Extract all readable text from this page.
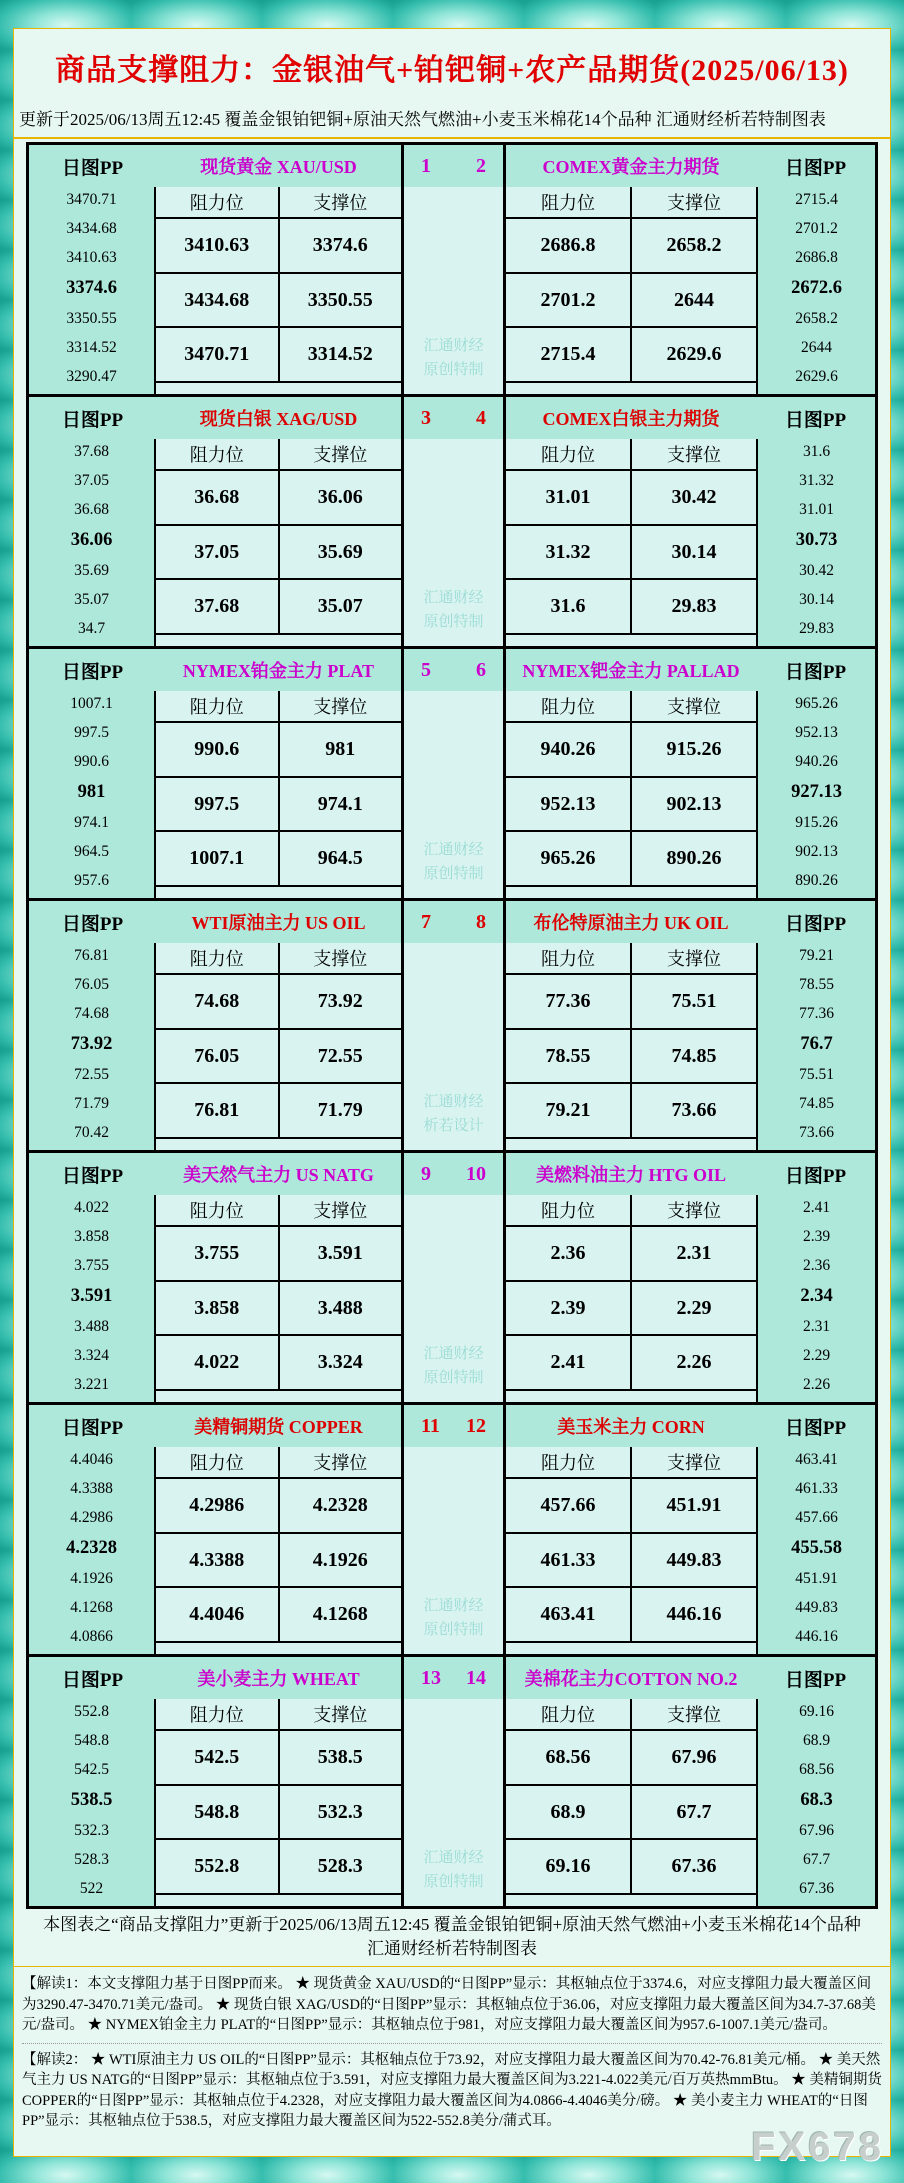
商品支撑阻力：金银油气+铂钯铜+农产品期货(2025/06/13)
更新于2025/06/13周五12:45 覆盖金银铂钯铜+原油天然气燃油+小麦玉米棉花14个品种 汇通财经析若特制图表
日图PP	现货黄金 XAU/USD	1 2	COMEX黄金主力期货	日图PP
3470.71
3434.68
3410.63
3374.6
3350.55
3314.52
3290.47
阻力位	支撑位
3410.63	3374.6
3434.68	3350.55
3470.71	3314.52	汇通财经
原创特制
阻力位	支撑位
2686.8	2658.2
2701.2	2644
2715.4	2629.6
2715.4
2701.2
2686.8
2672.6
2658.2
2644
2629.6
日图PP	现货白银 XAG/USD	3 4	COMEX白银主力期货	日图PP
37.68
37.05
36.68
36.06
35.69
35.07
34.7
阻力位	支撑位
36.68	36.06
37.05	35.69
37.68	35.07	汇通财经
原创特制
阻力位	支撑位
31.01	30.42
31.32	30.14
31.6	29.83
31.6
31.32
31.01
30.73
30.42
30.14
29.83
日图PP	NYMEX铂金主力 PLAT	5 6	NYMEX钯金主力 PALLAD	日图PP
1007.1
997.5
990.6
981
974.1
964.5
957.6
阻力位	支撑位
990.6	981
997.5	974.1
1007.1	964.5	汇通财经
原创特制
阻力位	支撑位
940.26	915.26
952.13	902.13
965.26	890.26
965.26
952.13
940.26
927.13
915.26
902.13
890.26
日图PP	WTI原油主力 US OIL	7 8	布伦特原油主力 UK OIL	日图PP
76.81
76.05
74.68
73.92
72.55
71.79
70.42
阻力位	支撑位
74.68	73.92
76.05	72.55
76.81	71.79	汇通财经
析若设计
阻力位	支撑位
77.36	75.51
78.55	74.85
79.21	73.66
79.21
78.55
77.36
76.7
75.51
74.85
73.66
日图PP	美天然气主力 US NATG	9 10	美燃料油主力 HTG OIL	日图PP
4.022
3.858
3.755
3.591
3.488
3.324
3.221
阻力位	支撑位
3.755	3.591
3.858	3.488
4.022	3.324	汇通财经
原创特制
阻力位	支撑位
2.36	2.31
2.39	2.29
2.41	2.26
2.41
2.39
2.36
2.34
2.31
2.29
2.26
日图PP	美精铜期货 COPPER	11 12	美玉米主力 CORN	日图PP
4.4046
4.3388
4.2986
4.2328
4.1926
4.1268
4.0866
阻力位	支撑位
4.2986	4.2328
4.3388	4.1926
4.4046	4.1268	汇通财经
原创特制
阻力位	支撑位
457.66	451.91
461.33	449.83
463.41	446.16
463.41
461.33
457.66
455.58
451.91
449.83
446.16
日图PP	美小麦主力 WHEAT	13 14	美棉花主力COTTON NO.2	日图PP
552.8
548.8
542.5
538.5
532.3
528.3
522
阻力位	支撑位
542.5	538.5
548.8	532.3
552.8	528.3	汇通财经
原创特制
阻力位	支撑位
68.56	67.96
68.9	67.7
69.16	67.36
69.16
68.9
68.56
68.3
67.96
67.7
67.36
本图表之“商品支撑阻力”更新于2025/06/13周五12:45 覆盖金银铂钯铜+原油天然气燃油+小麦玉米棉花14个品种 汇通财经析若特制图表
【解读1：本文支撑阻力基于日图PP而来。 ★ 现货黄金 XAU/USD的“日图PP”显示：其枢轴点位于3374.6，对应支撑阻力最大覆盖区间为3290.47-3470.71美元/盎司。 ★ 现货白银 XAG/USD的“日图PP”显示：其枢轴点位于36.06，对应支撑阻力最大覆盖区间为34.7-37.68美元/盎司。 ★ NYMEX铂金主力 PLAT的“日图PP”显示：其枢轴点位于981，对应支撑阻力最大覆盖区间为957.6-1007.1美元/盎司。
【解读2： ★ WTI原油主力 US OIL的“日图PP”显示：其枢轴点位于73.92，对应支撑阻力最大覆盖区间为70.42-76.81美元/桶。 ★ 美天然气主力 US NATG的“日图PP”显示：其枢轴点位于3.591，对应支撑阻力最大覆盖区间为3.221-4.022美元/百万英热mmBtu。 ★ 美精铜期货 COPPER的“日图PP”显示：其枢轴点位于4.2328，对应支撑阻力最大覆盖区间为4.0866-4.4046美分/磅。 ★ 美小麦主力 WHEAT的“日图PP”显示：其枢轴点位于538.5，对应支撑阻力最大覆盖区间为522-552.8美分/蒲式耳。
FX678
